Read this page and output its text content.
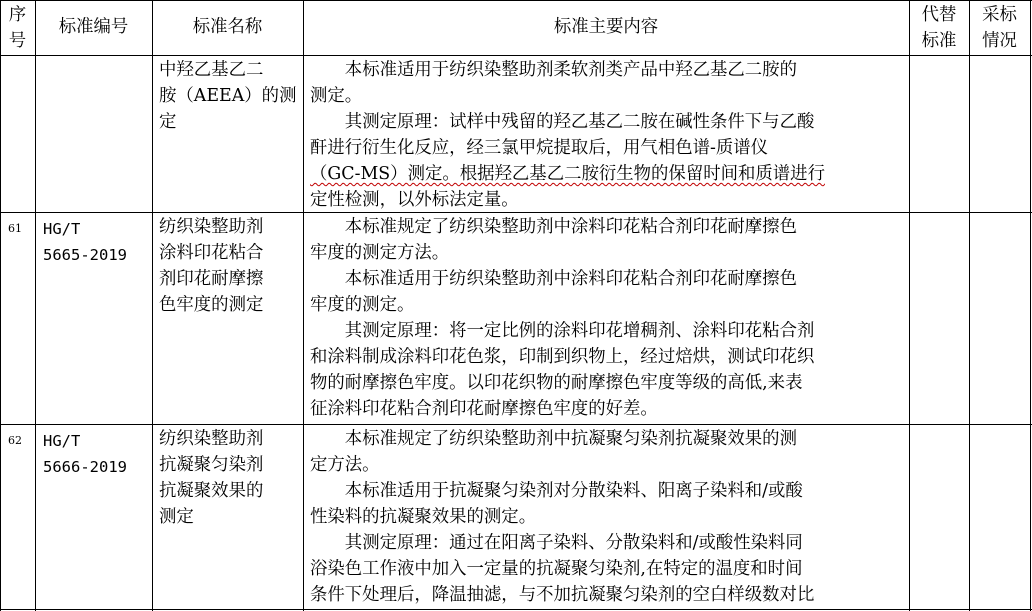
序
号
标准编号	标准名称	标准主要内容
代替
标准
采标
情况
中羟乙基乙二
胺（AEEA）的测
定

本标准适用于纺织染整助剂柔软剂类产品中羟乙基乙二胺的
测定。

其测定原理：试样中残留的羟乙基乙二胺在碱性条件下与乙酸
酐进行衍生化反应，经三氯甲烷提取后，用气相色谱-质谱仪
（GC-MS）测定。根据羟乙基乙二胺衍生物的保留时间和质谱进行
定性检测，以外标法定量。

61 HG/T
5665-2019
纺织染整助剂
涂料印花粘合
剂印花耐摩擦
色牢度的测定

本标准规定了纺织染整助剂中涂料印花粘合剂印花耐摩擦色
牢度的测定方法。

本标准适用于纺织染整助剂中涂料印花粘合剂印花耐摩擦色
牢度的测定。

其测定原理：将一定比例的涂料印花增稠剂、涂料印花粘合剂
和涂料制成涂料印花色浆，印制到织物上，经过焙烘，测试印花织
物的耐摩擦色牢度。以印花织物的耐摩擦色牢度等级的高低,来表
征涂料印花粘合剂印花耐摩擦色牢度的好差。

62 HG/T
5666-2019
纺织染整助剂
抗凝聚匀染剂
抗凝聚效果的
测定

本标准规定了纺织染整助剂中抗凝聚匀染剂抗凝聚效果的测
定方法。

本标准适用于抗凝聚匀染剂对分散染料、阳离子染料和/或酸
性染料的抗凝聚效果的测定。

其测定原理：通过在阳离子染料、分散染料和/或酸性染料同
浴染色工作液中加入一定量的抗凝聚匀染剂,在特定的温度和时间
条件下处理后，降温抽滤，与不加抗凝聚匀染剂的空白样级数对比
